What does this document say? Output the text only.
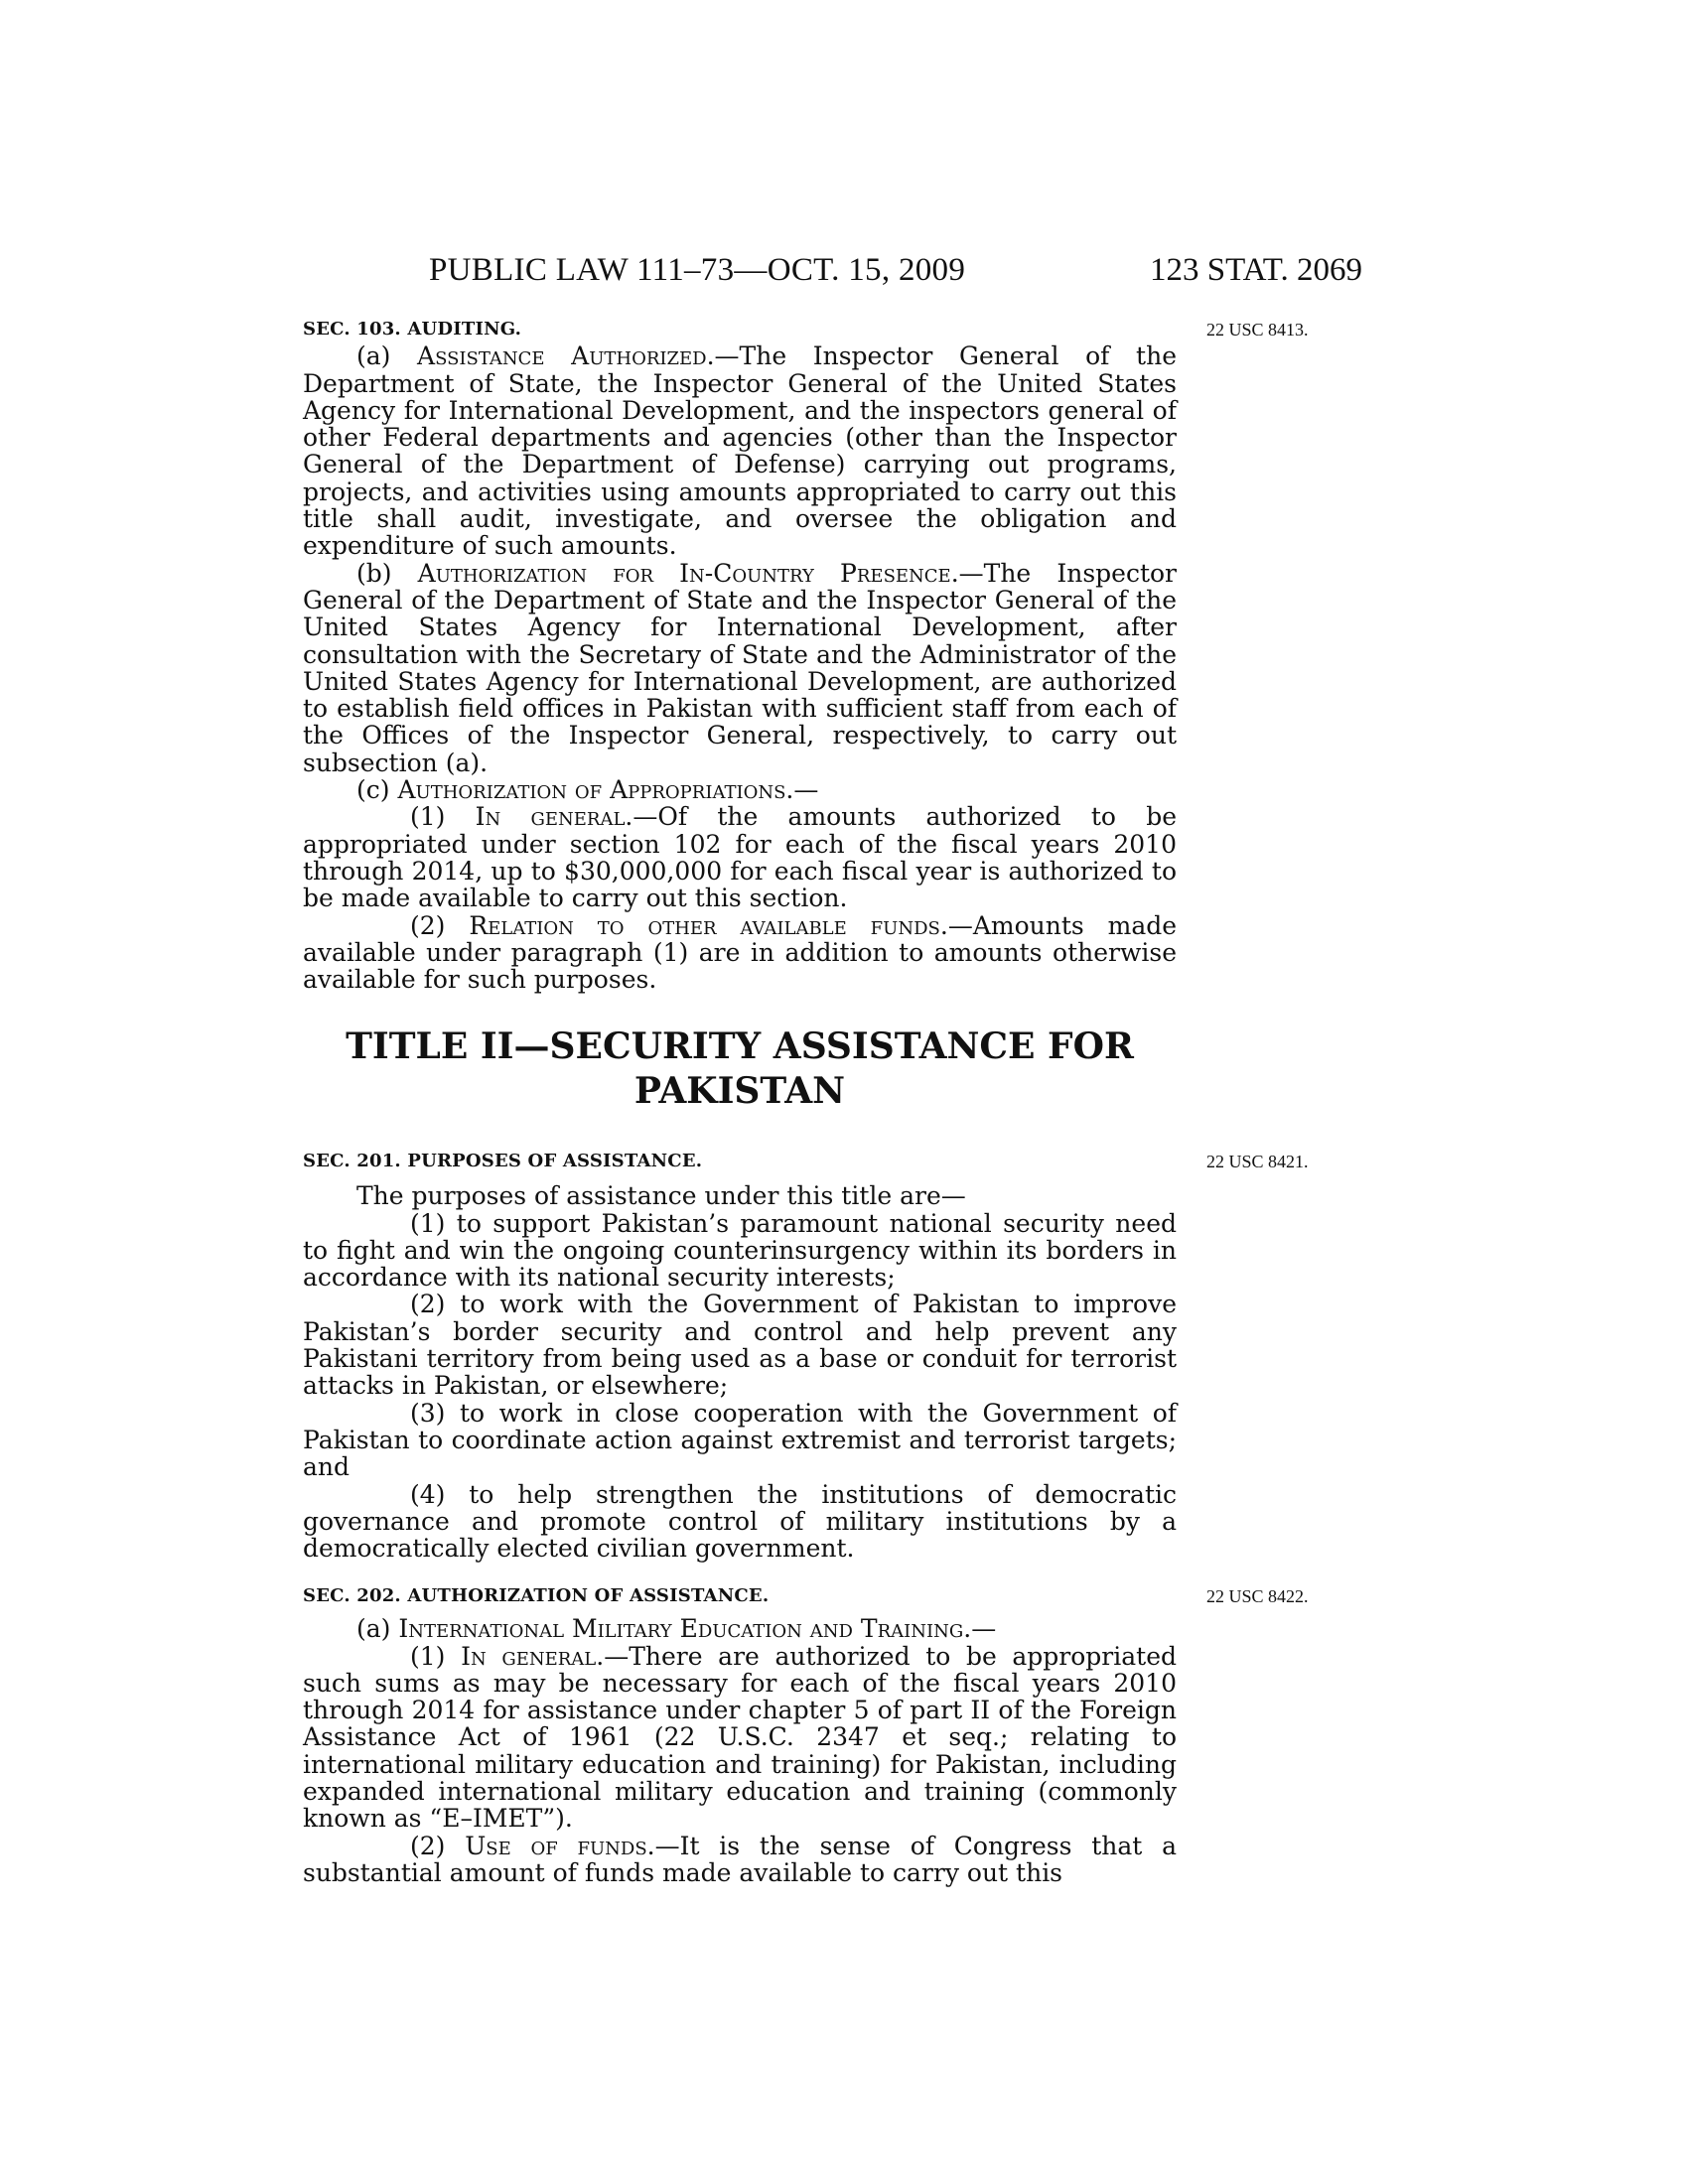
PUBLIC LAW 111–73—OCT. 15, 2009	123 STAT. 2069
22 USC 8413.

SEC. 103. AUDITING.

(a) Assistance Authorized.—The Inspector General of the Department of State, the Inspector General of the United States Agency for International Development, and the inspectors general of other Federal departments and agencies (other than the Inspector General of the Department of Defense) carrying out programs, projects, and activities using amounts appropriated to carry out this title shall audit, investigate, and oversee the obligation and expenditure of such amounts.

(b) Authorization for In-Country Presence.—The Inspector General of the Department of State and the Inspector General of the United States Agency for International Development, after consultation with the Secretary of State and the Administrator of the United States Agency for International Development, are authorized to establish field offices in Pakistan with sufficient staff from each of the Offices of the Inspector General, respectively, to carry out subsection (a).

(c) Authorization of Appropriations.—

(1) In general.—Of the amounts authorized to be appropriated under section 102 for each of the fiscal years 2010 through 2014, up to $30,000,000 for each fiscal year is authorized to be made available to carry out this section.

(2) Relation to other available funds.—Amounts made available under paragraph (1) are in addition to amounts otherwise available for such purposes.

TITLE II—SECURITY ASSISTANCE FOR
PAKISTAN
22 USC 8421.

SEC. 201. PURPOSES OF ASSISTANCE.

The purposes of assistance under this title are—

(1) to support Pakistan’s paramount national security need to fight and win the ongoing counterinsurgency within its borders in accordance with its national security interests;

(2) to work with the Government of Pakistan to improve Pakistan’s border security and control and help prevent any Pakistani territory from being used as a base or conduit for terrorist attacks in Pakistan, or elsewhere;

(3) to work in close cooperation with the Government of Pakistan to coordinate action against extremist and terrorist targets; and

(4) to help strengthen the institutions of democratic governance and promote control of military institutions by a democratically elected civilian government.

22 USC 8422.

SEC. 202. AUTHORIZATION OF ASSISTANCE.

(a) International Military Education and Training.—

(1) In general.—There are authorized to be appropriated such sums as may be necessary for each of the fiscal years 2010 through 2014 for assistance under chapter 5 of part II of the Foreign Assistance Act of 1961 (22 U.S.C. 2347 et seq.; relating to international military education and training) for Pakistan, including expanded international military education and training (commonly known as “E–IMET”).

(2) Use of funds.—It is the sense of Congress that a substantial amount of funds made available to carry out this
